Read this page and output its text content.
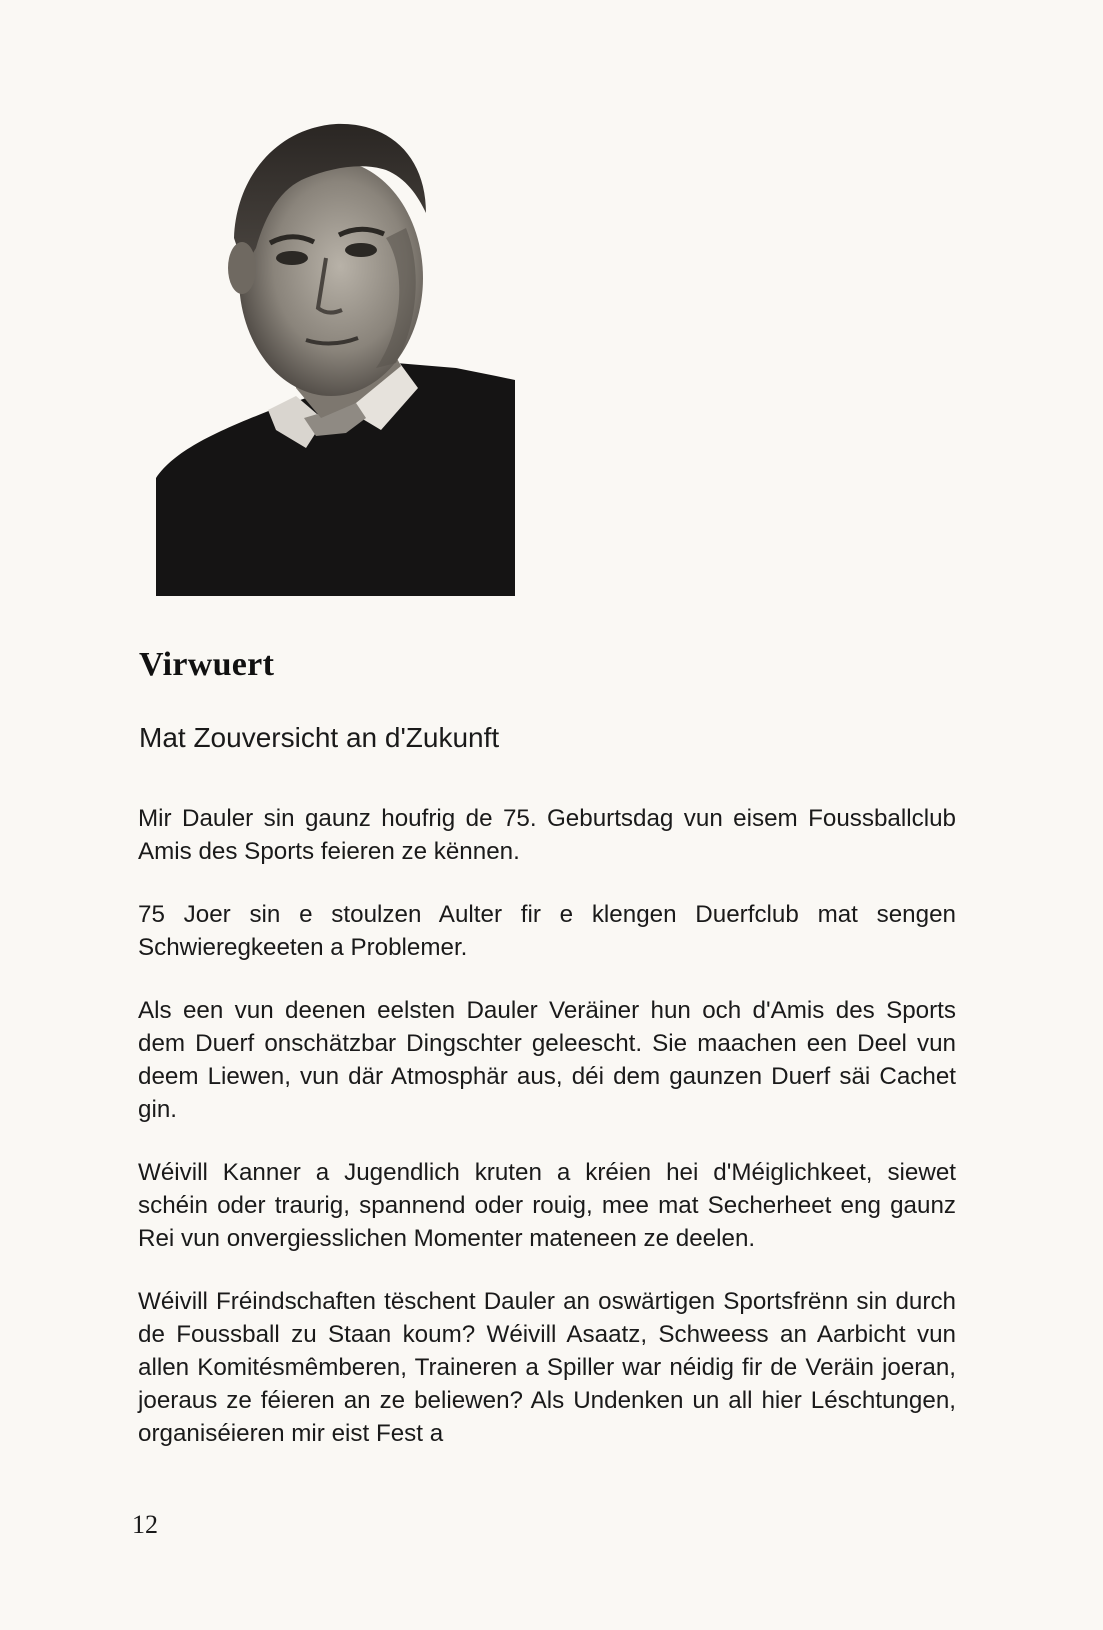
Virwuert
Mat Zouversicht an d'Zukunft

Mir Dauler sin gaunz houfrig de 75. Geburtsdag vun eisem Foussballclub Amis des Sports feieren ze kënnen.

75 Joer sin e stoulzen Aulter fir e klengen Duerfclub mat sengen Schwieregkeeten a Problemer.

Als een vun deenen eelsten Dauler Veräiner hun och d'Amis des Sports dem Duerf onschätzbar Dingschter geleescht. Sie maachen een Deel vun deem Liewen, vun där Atmosphär aus, déi dem gaunzen Duerf säi Cachet gin.

Wéivill Kanner a Jugendlich kruten a kréien hei d'Méiglichkeet, siewet schéin oder traurig, spannend oder rouig, mee mat Secherheet eng gaunz Rei vun onvergiesslichen Momenter mateneen ze deelen.

Wéivill Fréindschaften tëschent Dauler an oswärtigen Sportsfrënn sin durch de Foussball zu Staan koum? Wéivill Asaatz, Schweess an Aarbicht vun allen Komitésmêmberen, Traineren a Spiller war néidig fir de Veräin joeran, joeraus ze féieren an ze beliewen? Als Undenken un all hier Léschtungen, organiséieren mir eist Fest a

12
